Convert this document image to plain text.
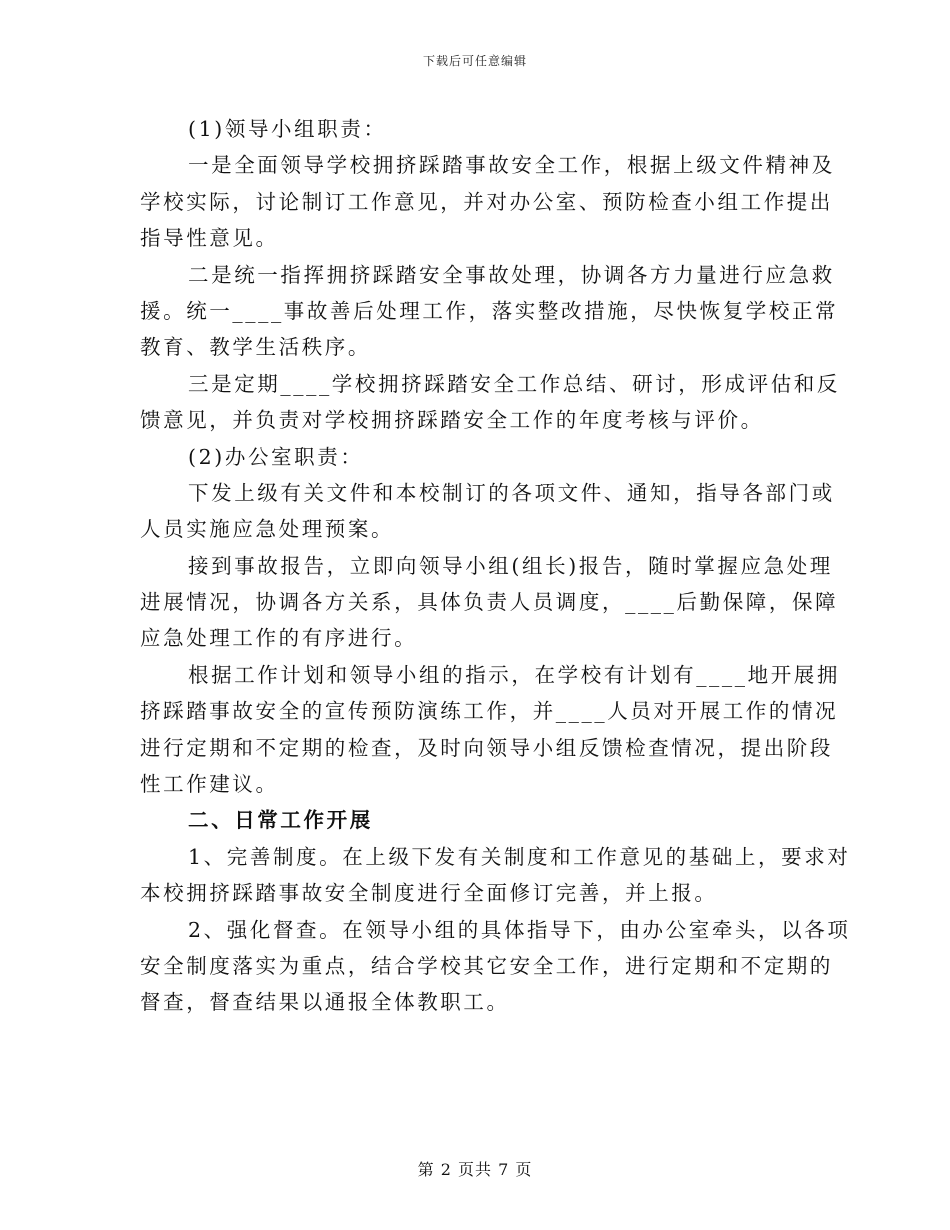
下载后可任意编辑
(1)领导小组职责：
一是全面领导学校拥挤踩踏事故安全工作，根据上级文件精神及
学校实际，讨论制订工作意见，并对办公室、预防检查小组工作提出
指导性意见。
二是统一指挥拥挤踩踏安全事故处理，协调各方力量进行应急救
援。统一____事故善后处理工作，落实整改措施，尽快恢复学校正常
教育、教学生活秩序。
三是定期____学校拥挤踩踏安全工作总结、研讨，形成评估和反
馈意见，并负责对学校拥挤踩踏安全工作的年度考核与评价。
(2)办公室职责：
下发上级有关文件和本校制订的各项文件、通知，指导各部门或
人员实施应急处理预案。
接到事故报告，立即向领导小组(组长)报告，随时掌握应急处理
进展情况，协调各方关系，具体负责人员调度，____后勤保障，保障
应急处理工作的有序进行。
根据工作计划和领导小组的指示，在学校有计划有____地开展拥
挤踩踏事故安全的宣传预防演练工作，并____人员对开展工作的情况
进行定期和不定期的检查，及时向领导小组反馈检查情况，提出阶段
性工作建议。
二、日常工作开展
1、完善制度。在上级下发有关制度和工作意见的基础上，要求对
本校拥挤踩踏事故安全制度进行全面修订完善，并上报。
2、强化督查。在领导小组的具体指导下，由办公室牵头，以各项
安全制度落实为重点，结合学校其它安全工作，进行定期和不定期的
督查，督查结果以通报全体教职工。
第 2 页共 7 页
